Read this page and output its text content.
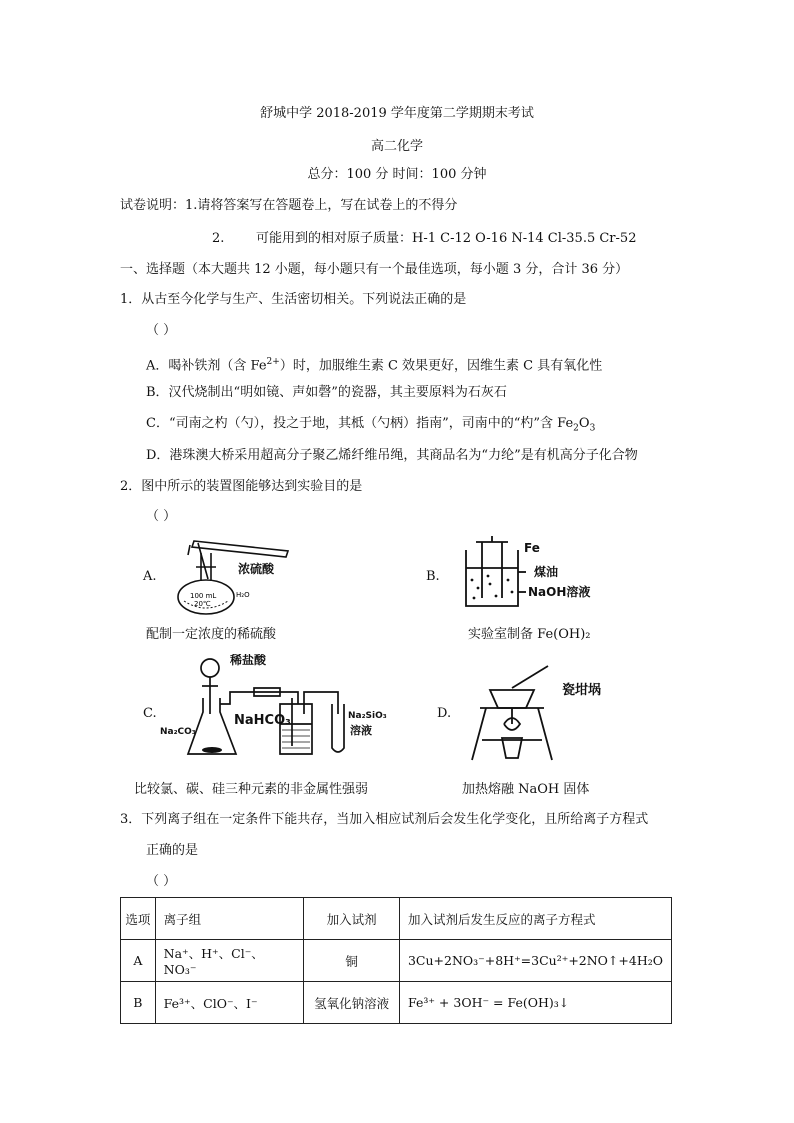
舒城中学 2018-2019 学年度第二学期期末考试
高二化学
总分：100 分 时间：100 分钟
试卷说明：1.请将答案写在答题卷上，写在试卷上的不得分
2. 可能用到的相对原子质量：H-1 C-12 O-16 N-14 Cl-35.5 Cr-52
一、选择题（本大题共 12 小题，每小题只有一个最佳选项，每小题 3 分，合计 36 分）
1．从古至今化学与生产、生活密切相关。下列说法正确的是
（ ）
A．喝补铁剂（含 $Fe^{2+}$）时，加服维生素 C 效果更好，因维生素 C 具有氧化性
B．汉代烧制出“明如镜、声如磬”的瓷器，其主要原料为石灰石
C．“司南之杓（勺），投之于地，其柢（勺柄）指南”，司南中的“杓”含 $Fe_2O_3$
D．港珠澳大桥采用超高分子聚乙烯纤维吊绳，其商品名为“力纶”是有机高分子化合物
2．图中所示的装置图能够达到实验目的是
（ ）
A.	浓硫酸
100 mL
20℃
H₂O
配制一定浓度的稀硫酸
B.
Fe
煤油
NaOH溶液
实验室制备 Fe(OH)₂
C.
稀盐酸
NaHCO₃
Na₂CO₃
Na₂SiO₃
溶液
比较氯、碳、硅三种元素的非金属性强弱
D.
瓷坩埚
加热熔融 NaOH 固体
3．下列离子组在一定条件下能共存，当加入相应试剂后会发生化学变化，且所给离子方程式
正确的是
（ ）
选项	离子组	加入试剂	加入试剂后发生反应的离子方程式
A	Na⁺、H⁺、Cl⁻、NO₃⁻	铜	3Cu+2NO₃⁻+8H⁺=3Cu²⁺+2NO↑+4H₂O
B	Fe³⁺、ClO⁻、I⁻	氢氧化钠溶液	Fe³⁺ + 3OH⁻ = Fe(OH)₃↓
